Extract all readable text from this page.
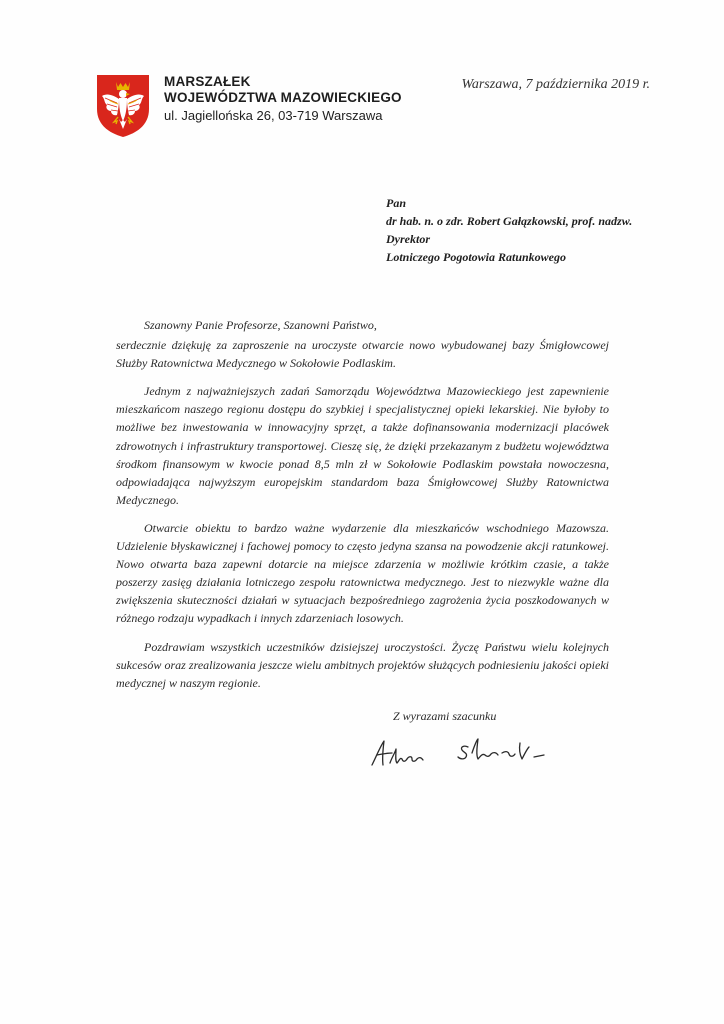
MARSZAŁEK
WOJEWÓDZTWA MAZOWIECKIEGO
ul. Jagiellońska 26, 03-719 Warszawa
Warszawa, 7 października 2019 r.
Pan
dr hab. n. o zdr. Robert Gałązkowski, prof. nadzw.
Dyrektor
Lotniczego Pogotowia Ratunkowego

Szanowny Panie Profesorze, Szanowni Państwo,

serdecznie dziękuję za zaproszenie na uroczyste otwarcie nowo wybudowanej bazy Śmigłowcowej Służby Ratownictwa Medycznego w Sokołowie Podlaskim.

Jednym z najważniejszych zadań Samorządu Województwa Mazowieckiego jest zapewnienie mieszkańcom naszego regionu dostępu do szybkiej i specjalistycznej opieki lekarskiej. Nie byłoby to możliwe bez inwestowania w innowacyjny sprzęt, a także dofinansowania modernizacji placówek zdrowotnych i infrastruktury transportowej. Cieszę się, że dzięki przekazanym z budżetu województwa środkom finansowym w kwocie ponad 8,5 mln zł w Sokołowie Podlaskim powstała nowoczesna, odpowiadająca najwyższym europejskim standardom baza Śmigłowcowej Służby Ratownictwa Medycznego.

Otwarcie obiektu to bardzo ważne wydarzenie dla mieszkańców wschodniego Mazowsza. Udzielenie błyskawicznej i fachowej pomocy to często jedyna szansa na powodzenie akcji ratunkowej. Nowo otwarta baza zapewni dotarcie na miejsce zdarzenia w możliwie krótkim czasie, a także poszerzy zasięg działania lotniczego zespołu ratownictwa medycznego. Jest to niezwykle ważne dla zwiększenia skuteczności działań w sytuacjach bezpośredniego zagrożenia życia poszkodowanych w różnego rodzaju wypadkach i innych zdarzeniach losowych.

Pozdrawiam wszystkich uczestników dzisiejszej uroczystości. Życzę Państwu wielu kolejnych sukcesów oraz zrealizowania jeszcze wielu ambitnych projektów służących podniesieniu jakości opieki medycznej w naszym regionie.

Z wyrazami szacunku
